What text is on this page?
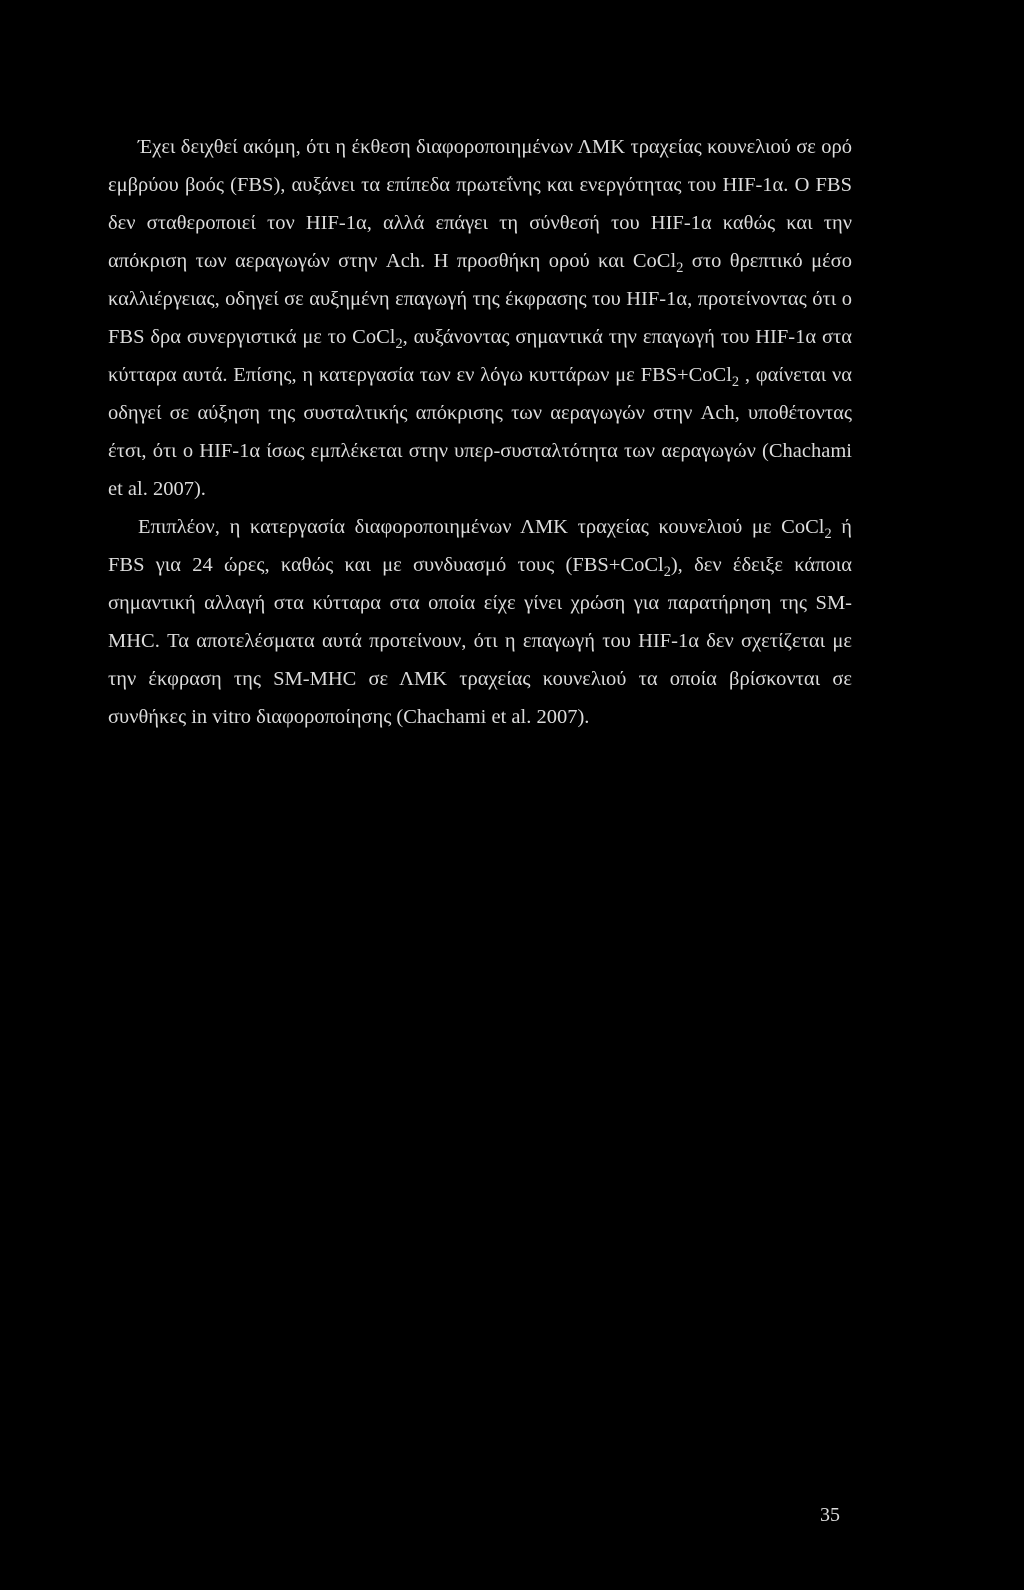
Έχει δειχθεί ακόμη, ότι η έκθεση διαφοροποιημένων ΛΜΚ τραχείας κουνελιού σε ορό εμβρύου βοός (FBS), αυξάνει τα επίπεδα πρωτεΐνης και ενεργότητας του HIF-1α. Ο FBS δεν σταθεροποιεί τον HIF-1α, αλλά επάγει τη σύνθεσή του HIF-1α καθώς και την απόκριση των αεραγωγών στην Ach. Η προσθήκη ορού και CoCl$_2$ στο θρεπτικό μέσο καλλιέργειας, οδηγεί σε αυξημένη επαγωγή της έκφρασης του HIF-1α, προτείνοντας ότι ο FBS δρα συνεργιστικά με το CoCl$_2$, αυξάνοντας σημαντικά την επαγωγή του HIF-1α στα κύτταρα αυτά. Επίσης, η κατεργασία των εν λόγω κυττάρων με FBS+CoCl$_2$ , φαίνεται να οδηγεί σε αύξηση της συσταλτικής απόκρισης των αεραγωγών στην Ach, υποθέτοντας έτσι, ότι ο HIF-1α ίσως εμπλέκεται στην υπερ-συσταλτότητα των αεραγωγών (Chachami et al. 2007).

Επιπλέον, η κατεργασία διαφοροποιημένων ΛΜΚ τραχείας κουνελιού με CoCl$_2$ ή FBS για 24 ώρες, καθώς και με συνδυασμό τους (FBS+CoCl$_2$), δεν έδειξε κάποια σημαντική αλλαγή στα κύτταρα στα οποία είχε γίνει χρώση για παρατήρηση της SM-MHC. Τα αποτελέσματα αυτά προτείνουν, ότι η επαγωγή του HIF-1α δεν σχετίζεται με την έκφραση της SM-MHC σε ΛΜΚ τραχείας κουνελιού τα οποία βρίσκονται σε συνθήκες in vitro διαφοροποίησης (Chachami et al. 2007).

35
